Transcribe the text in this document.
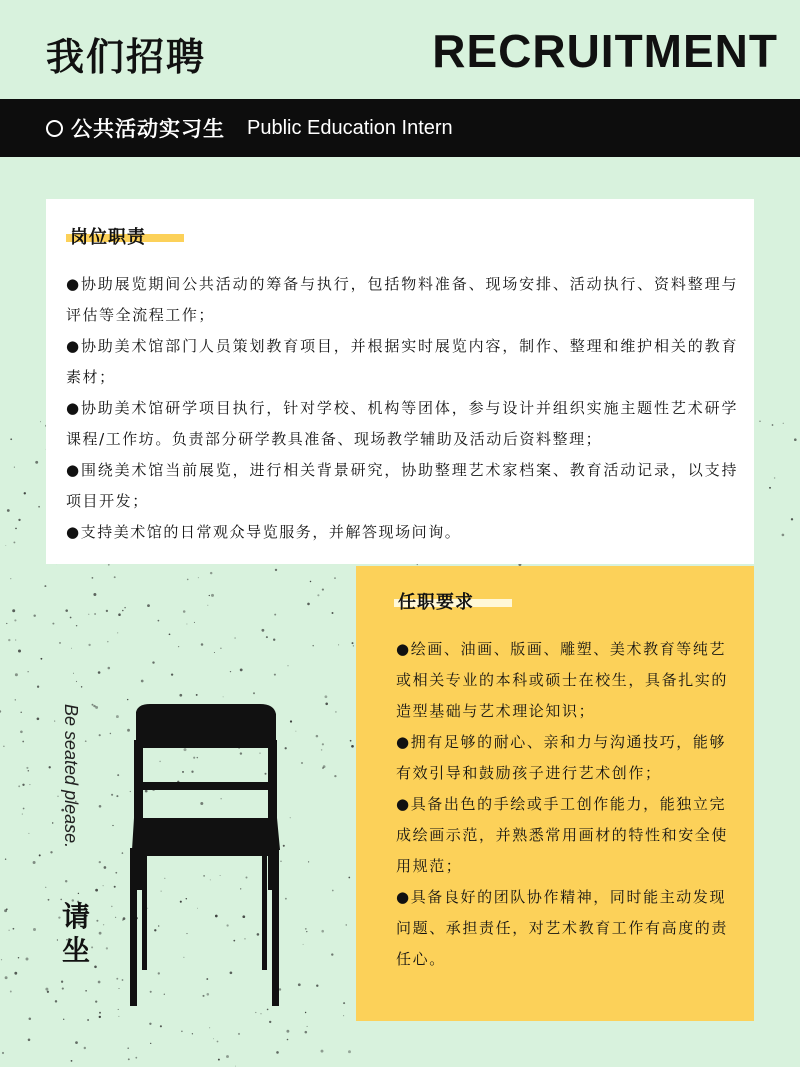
我们招聘	RECRUITMENT
公共活动实习生 Public Education Intern
岗位职责

●协助展览期间公共活动的筹备与执行，包括物料准备、现场安排、活动执行、资料整理与评估等全流程工作；

●协助美术馆部门人员策划教育项目，并根据实时展览内容，制作、整理和维护相关的教育素材；

●协助美术馆研学项目执行，针对学校、机构等团体，参与设计并组织实施主题性艺术研学课程/工作坊。负责部分研学教具准备、现场教学辅助及活动后资料整理；

●围绕美术馆当前展览，进行相关背景研究，协助整理艺术家档案、教育活动记录，以支持项目开发；

●支持美术馆的日常观众导览服务，并解答现场问询。

任职要求

●绘画、油画、版画、雕塑、美术教育等纯艺或相关专业的本科或硕士在校生，具备扎实的造型基础与艺术理论知识；

●拥有足够的耐心、亲和力与沟通技巧，能够有效引导和鼓励孩子进行艺术创作；

●具备出色的手绘或手工创作能力，能独立完成绘画示范，并熟悉常用画材的特性和安全使用规范；

●具备良好的团队协作精神，同时能主动发现问题、承担责任，对艺术教育工作有高度的责任心。

Be seated please.
请坐
